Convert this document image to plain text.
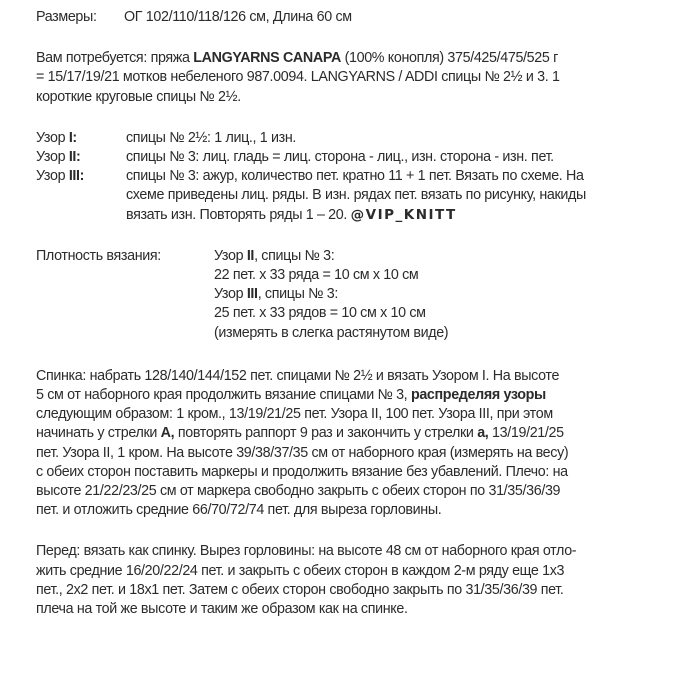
Размеры: ОГ 102/110/118/126 см, Длина 60 см

Вам потребуется: пряжа LANGYARNS CANAPA (100% конопля) 375/425/475/525 г

= 15/17/19/21 мотков небеленого 987.0094. LANGYARNS / ADDI спицы № 2½ и 3. 1

короткие круговые спицы № 2½.

Узор I:	спицы № 2½: 1 лиц., 1 изн.
Узор II:	спицы № 3: лиц. гладь = лиц. сторона - лиц., изн. сторона - изн. пет.
Узор III:	спицы № 3: ажур, количество пет. кратно 11 + 1 пет. Вязать по схеме. На
схеме приведены лиц. ряды. В изн. рядах пет. вязать по рисунку, накиды
вязать изн. Повторять ряды 1 – 20. @VIP_KNITT
Плотность вязания:	Узор II, спицы № 3:
22 пет. x 33 ряда = 10 см x 10 см
Узор III, спицы № 3:
25 пет. x 33 рядов = 10 см x 10 см
(измерять в слегка растянутом виде)

Спинка: набрать 128/140/144/152 пет. спицами № 2½ и вязать Узором I. На высоте

5 см от наборного края продолжить вязание спицами № 3, распределяя узоры

следующим образом: 1 кром., 13/19/21/25 пет. Узора II, 100 пет. Узора III, при этом

начинать у стрелки А, повторять раппорт 9 раз и закончить у стрелки а, 13/19/21/25

пет. Узора II, 1 кром. На высоте 39/38/37/35 см от наборного края (измерять на весу)

с обеих сторон поставить маркеры и продолжить вязание без убавлений. Плечо: на

высоте 21/22/23/25 см от маркера свободно закрыть с обеих сторон по 31/35/36/39

пет. и отложить средние 66/70/72/74 пет. для выреза горловины.

Перед: вязать как спинку. Вырез горловины: на высоте 48 см от наборного края отло-

жить средние 16/20/22/24 пет. и закрыть с обеих сторон в каждом 2-м ряду еще 1x3

пет., 2x2 пет. и 18x1 пет. Затем с обеих сторон свободно закрыть по 31/35/36/39 пет.

плеча на той же высоте и таким же образом как на спинке.
